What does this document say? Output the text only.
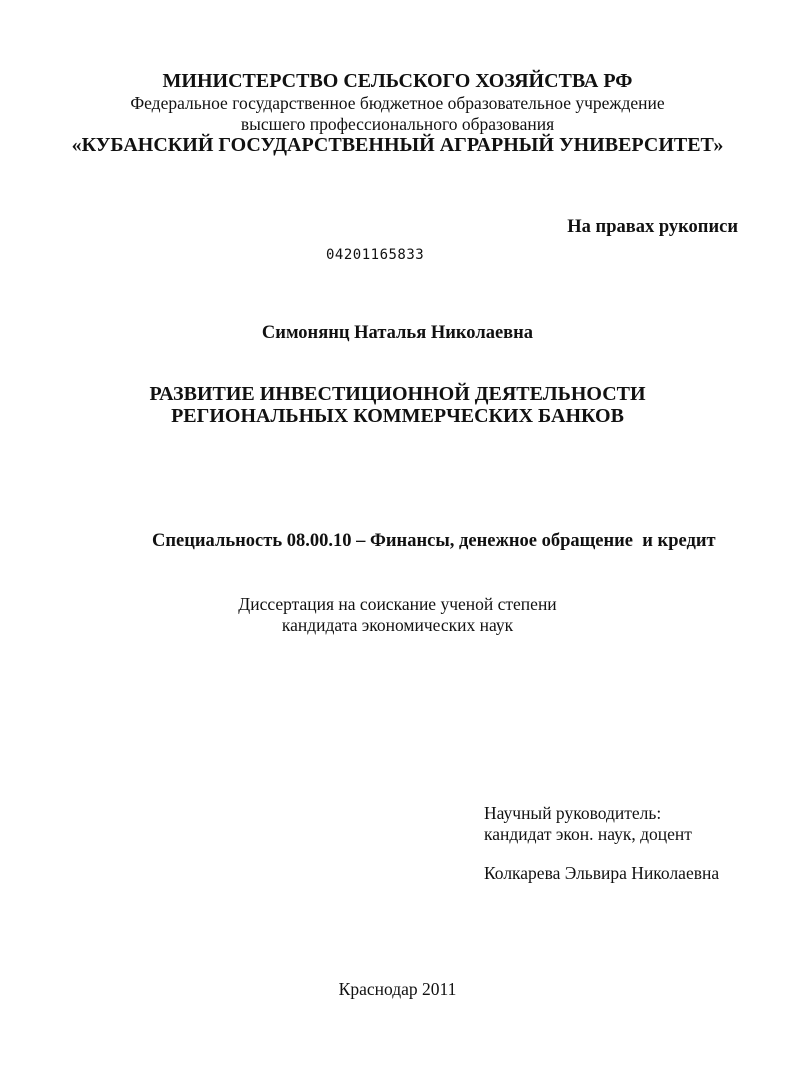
МИНИСТЕРСТВО СЕЛЬСКОГО ХОЗЯЙСТВА РФ
Федеральное государственное бюджетное образовательное учреждение
высшего профессионального образования
«КУБАНСКИЙ ГОСУДАРСТВЕННЫЙ АГРАРНЫЙ УНИВЕРСИТЕТ»
На правах рукописи
04201165833
Симонянц Наталья Николаевна
РАЗВИТИЕ ИНВЕСТИЦИОННОЙ ДЕЯТЕЛЬНОСТИ
РЕГИОНАЛЬНЫХ КОММЕРЧЕСКИХ БАНКОВ
Специальность 08.00.10 – Финансы, денежное обращение  и кредит
Диссертация на соискание ученой степени
кандидата экономических наук
Научный руководитель:
кандидат экон. наук, доцент
Колкарева Эльвира Николаевна
Краснодар 2011
